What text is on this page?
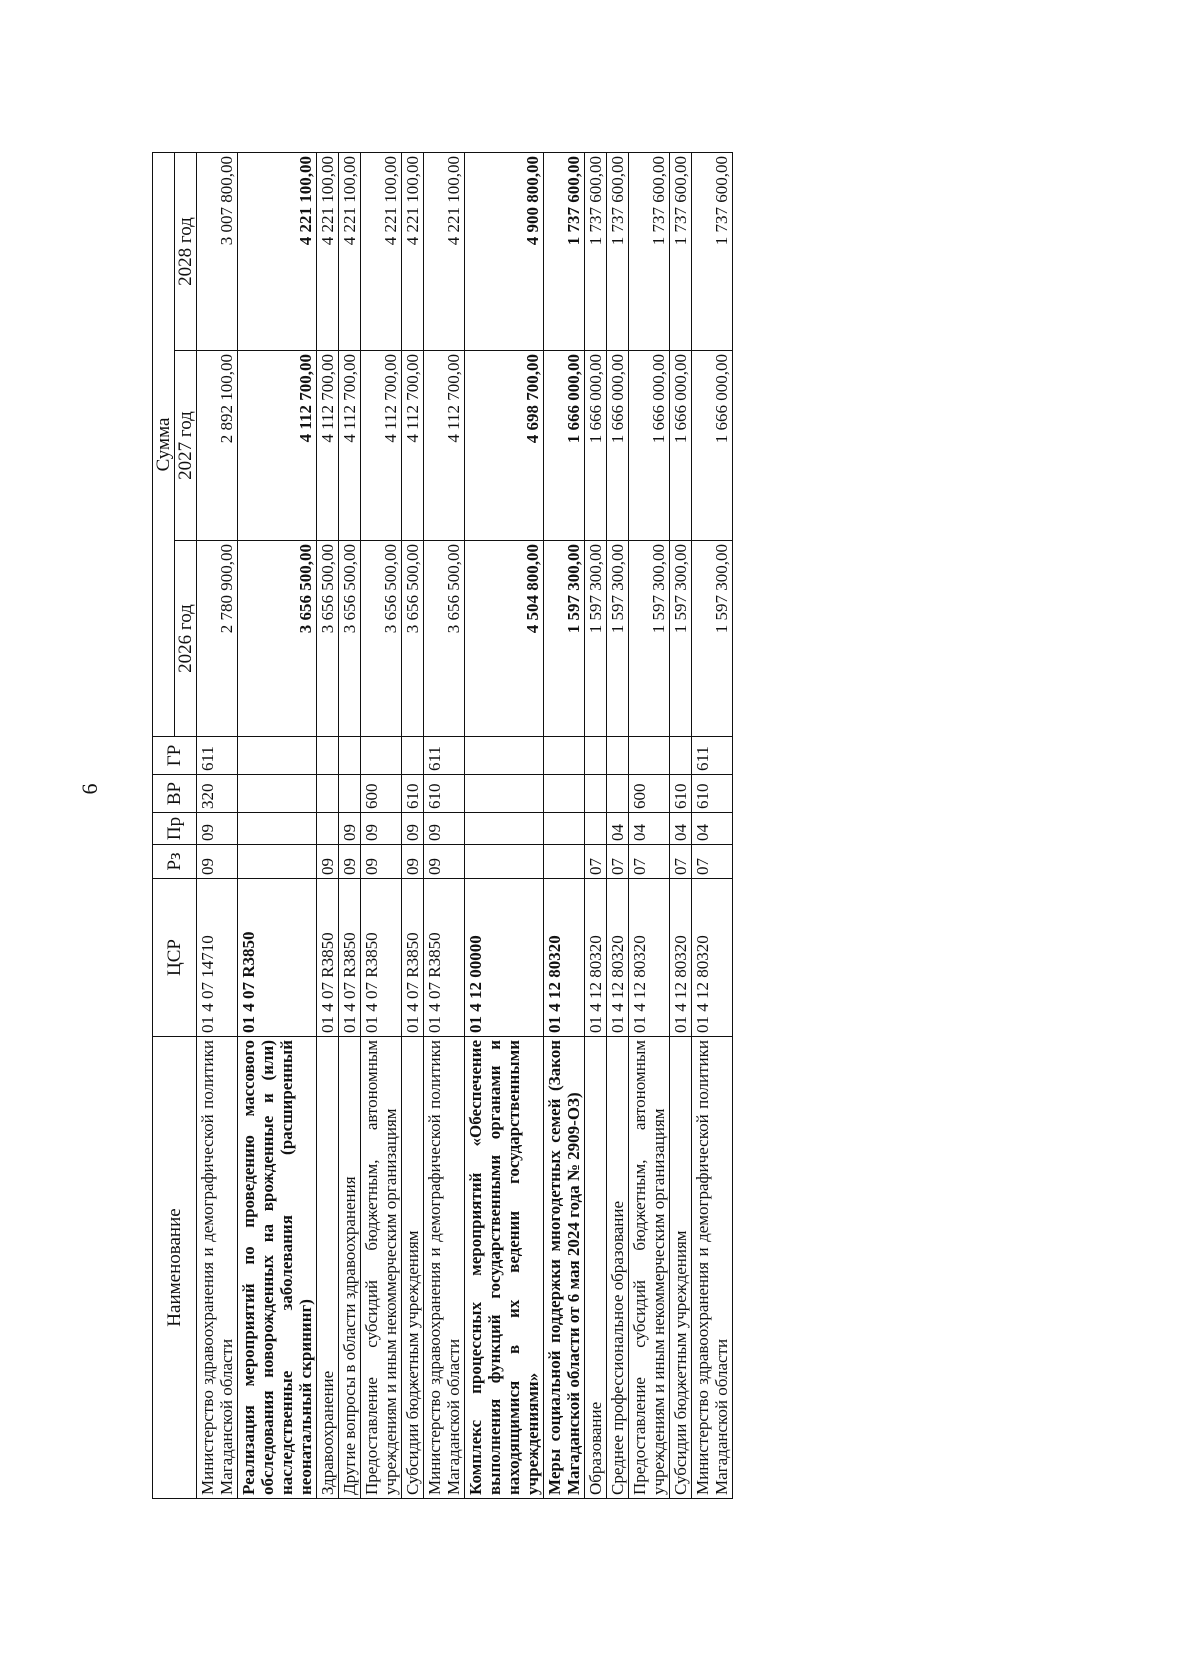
6
Наименование	ЦСР	Рз	Пр	ВР	ГР	Сумма		
						2026 год	2027 год	2028 год
Министерство здравоохранения и демографической политики Магаданской области	01 4 07 14710	09	09	320	611	2 780 900,00	2 892 100,00	3 007 800,00
Реализация мероприятий по проведению массового обследования новорожденных на врожденные и (или) наследственные заболевания (расширенный неонатальный скрининг)	01 4 07 R3850					3 656 500,00	4 112 700,00	4 221 100,00
Здравоохранение	01 4 07 R3850	09				3 656 500,00	4 112 700,00	4 221 100,00
Другие вопросы в области здравоохранения	01 4 07 R3850	09	09			3 656 500,00	4 112 700,00	4 221 100,00
Предоставление субсидий бюджетным, автономным учреждениям и иным некоммерческим организациям	01 4 07 R3850	09	09	600		3 656 500,00	4 112 700,00	4 221 100,00
Субсидии бюджетным учреждениям	01 4 07 R3850	09	09	610		3 656 500,00	4 112 700,00	4 221 100,00
Министерство здравоохранения и демографической политики Магаданской области	01 4 07 R3850	09	09	610	611	3 656 500,00	4 112 700,00	4 221 100,00
Комплекс процессных мероприятий «Обеспечение выполнения функций государственными органами и находящимися в их ведении государственными учреждениями»	01 4 12 00000					4 504 800,00	4 698 700,00	4 900 800,00
Меры социальной поддержки многодетных семей (Закон Магаданской области от 6 мая 2024 года № 2909-ОЗ)	01 4 12 80320					1 597 300,00	1 666 000,00	1 737 600,00
Образование	01 4 12 80320	07				1 597 300,00	1 666 000,00	1 737 600,00
Среднее профессиональное образование	01 4 12 80320	07	04			1 597 300,00	1 666 000,00	1 737 600,00
Предоставление субсидий бюджетным, автономным учреждениям и иным некоммерческим организациям	01 4 12 80320	07	04	600		1 597 300,00	1 666 000,00	1 737 600,00
Субсидии бюджетным учреждениям	01 4 12 80320	07	04	610		1 597 300,00	1 666 000,00	1 737 600,00
Министерство здравоохранения и демографической политики Магаданской области	01 4 12 80320	07	04	610	611	1 597 300,00	1 666 000,00	1 737 600,00
